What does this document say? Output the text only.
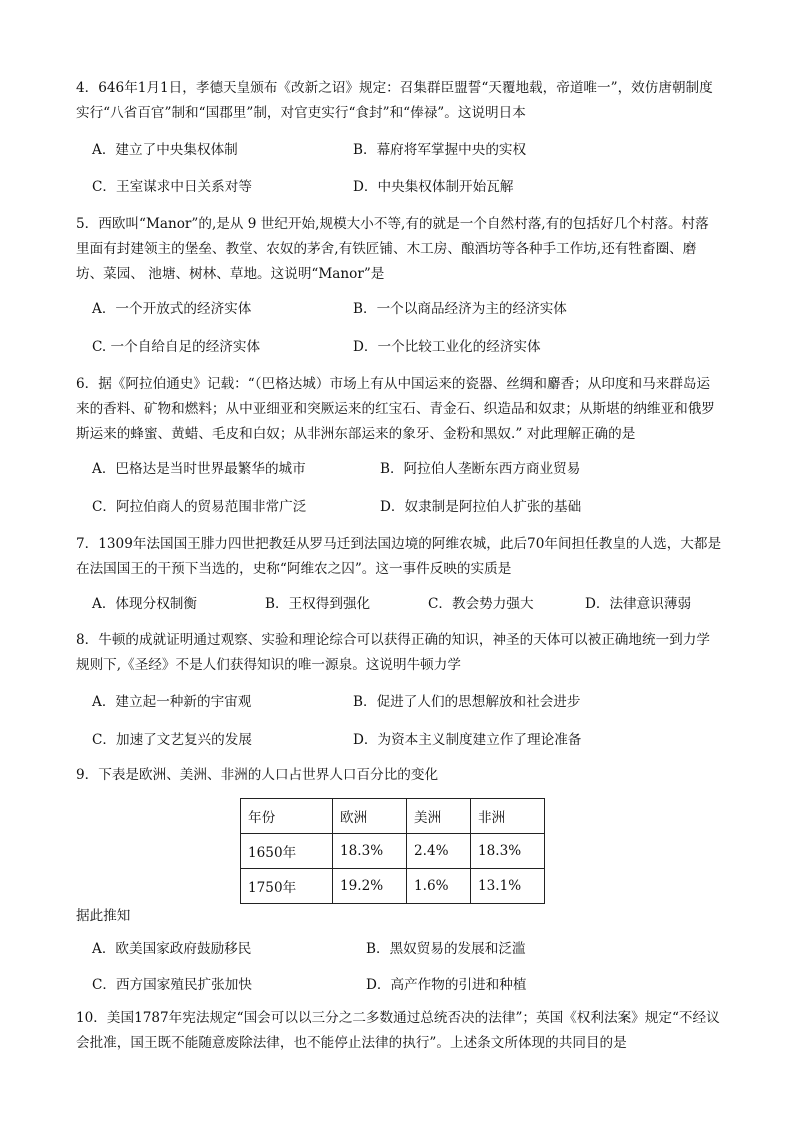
4．646年1月1日，孝德天皇颁布《改新之诏》规定：召集群臣盟誓“天覆地载，帝道唯一”，效仿唐朝制度实行“八省百官”制和“国郡里”制，对官吏实行“食封”和“俸禄”。这说明日本
A．建立了中央集权体制	B．幕府将军掌握中央的实权
C．王室谋求中日关系对等	D．中央集权体制开始瓦解
5．西欧叫“Manor”的,是从 9 世纪开始,规模大小不等,有的就是一个自然村落,有的包括好几个村落。村落里面有封建领主的堡垒、教堂、农奴的茅舍,有铁匠铺、木工房、酿酒坊等各种手工作坊,还有牲畜圈、磨坊、菜园、 池塘、树林、草地。这说明“Manor”是
A．一个开放式的经济实体	B．一个以商品经济为主的经济实体
C. 一个自给自足的经济实体	D．一个比较工业化的经济实体
6．据《阿拉伯通史》记载：“（巴格达城）市场上有从中国运来的瓷器、丝绸和麝香；从印度和马来群岛运来的香料、矿物和燃料；从中亚细亚和突厥运来的红宝石、青金石、织造品和奴隶；从斯堪的纳维亚和俄罗斯运来的蜂蜜、黄蜡、毛皮和白奴；从非洲东部运来的象牙、金粉和黑奴.” 对此理解正确的是
A．巴格达是当时世界最繁华的城市	B．阿拉伯人垄断东西方商业贸易
C．阿拉伯商人的贸易范围非常广泛	D．奴隶制是阿拉伯人扩张的基础
7．1309年法国国王腓力四世把教廷从罗马迁到法国边境的阿维农城，此后70年间担任教皇的人选，大都是在法国国王的干预下当选的，史称“阿维农之囚”。这一事件反映的实质是
A．体现分权制衡	B．王权得到强化	C．教会势力强大	D．法律意识薄弱
8．牛顿的成就证明通过观察、实验和理论综合可以获得正确的知识，神圣的天体可以被正确地统一到力学规则下,《圣经》不是人们获得知识的唯一源泉。这说明牛顿力学
A．建立起一种新的宇宙观	B．促进了人们的思想解放和社会进步
C．加速了文艺复兴的发展	D．为资本主义制度建立作了理论准备
9．下表是欧洲、美洲、非洲的人口占世界人口百分比的变化
年份	欧洲	美洲	非洲
1650年	18.3%	2.4%	18.3%
1750年	19.2%	1.6%	13.1%
据此推知
A．欧美国家政府鼓励移民	B．黑奴贸易的发展和泛滥
C．西方国家殖民扩张加快	D．高产作物的引进和种植
10．美国1787年宪法规定“国会可以以三分之二多数通过总统否决的法律”；英国《权利法案》规定“不经议会批准，国王既不能随意废除法律，也不能停止法律的执行”。上述条文所体现的共同目的是
